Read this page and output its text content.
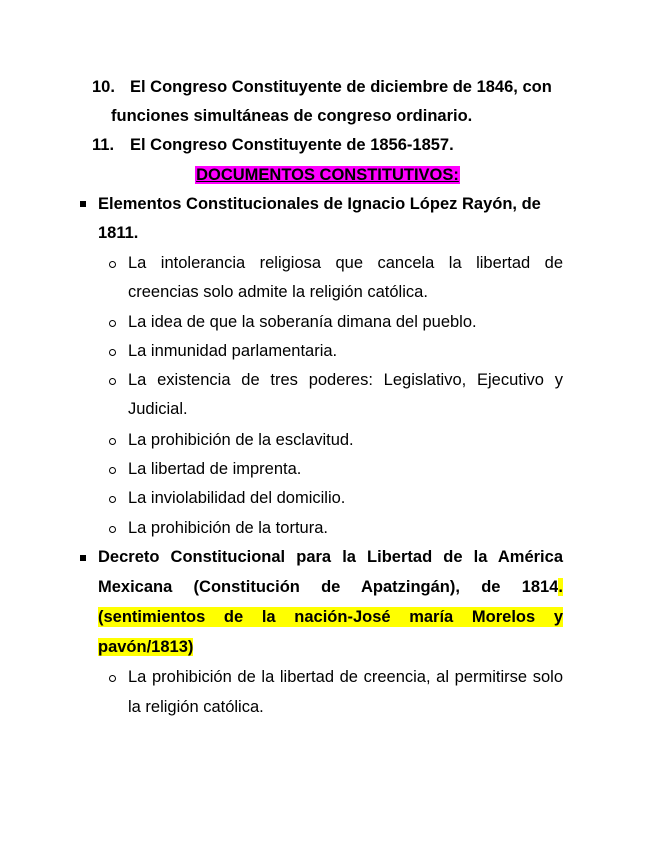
10. El Congreso Constituyente de diciembre de 1846, con
funciones simultáneas de congreso ordinario.
11. El Congreso Constituyente de 1856-1857.
DOCUMENTOS CONSTITUTIVOS:
Elementos Constitucionales de Ignacio López Rayón, de
1811.
La intolerancia religiosa que cancela la libertad de
creencias solo admite la religión católica.
La idea de que la soberanía dimana del pueblo.
La inmunidad parlamentaria.
La existencia de tres poderes: Legislativo, Ejecutivo y
Judicial.
La prohibición de la esclavitud.
La libertad de imprenta.
La inviolabilidad del domicilio.
La prohibición de la tortura.
Decreto Constitucional para la Libertad de la América
Mexicana (Constitución de Apatzingán), de 1814.
(sentimientos de la nación-José maría Morelos y
pavón/1813)
La prohibición de la libertad de creencia, al permitirse solo
la religión católica.
